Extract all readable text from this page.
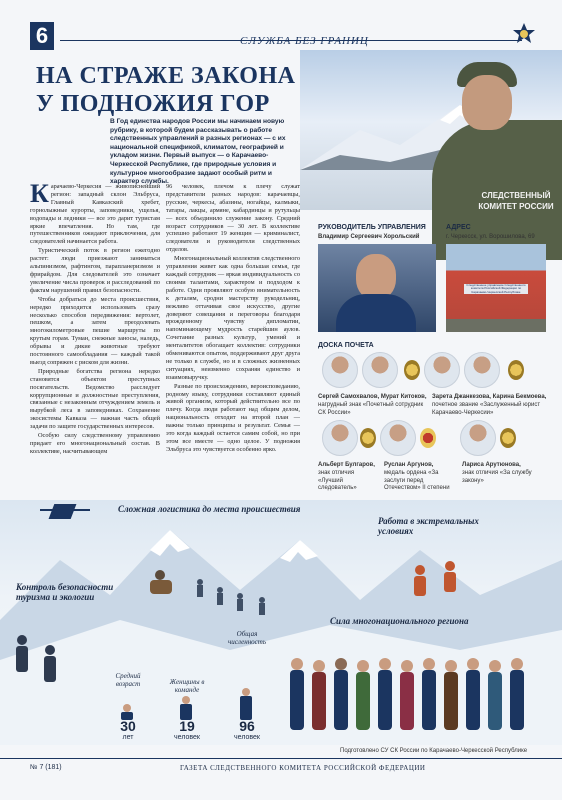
6	СЛУЖБА БЕЗ ГРАНИЦ
СЛЕДСТВЕННЫЙ КОМИТЕТ РОССИИ
НА СТРАЖЕ ЗАКОНА
У ПОДНОЖИЯ ГОР
В Год единства народов России мы начинаем новую рубрику, в которой будем рассказывать о работе следственных управлений в разных регионах — с их национальной спецификой, климатом, географией и укладом жизни. Первый выпуск — о Карачаево-Черкесской Республике, где природные условия и культурное многообразие задают особый ритм и характер службы.

Карачаево-Черкесия — живописнейший регион: западный склон Эльбруса, Главный Кавказский хребет, горнолыжные курорты, заповедники, ущелья, водопады и ледники — все это дарит туристам яркие впечатления. Но там, где путешественников ожидают приключения, для следователей начинается работа.

Туристический поток в регион ежегодно растет: люди приезжают заниматься альпинизмом, рафтингом, парапланеризмом и фрирайдом. Для следователей это означает увеличение числа проверок и расследований по фактам нарушений правил безопасности.

Чтобы добраться до места происшествия, нередко приходится использовать сразу несколько способов передвижения: вертолет, пешком, а затем преодолевать многокилометровые пешие маршруты по крутым горам. Туман, снежные заносы, наледь, обрывы и дикие животные требуют постоянного самообладания — каждый такой выезд сопряжен с риском для жизни.

Природные богатства региона нередко становятся объектом преступных посягательств. Ведомство расследует коррупционные и должностные преступления, связанные с незаконным отчуждением земель и вырубкой леса в заповедниках. Сохранение экосистемы Кавказа — важная часть общей задачи по защите государственных интересов.

Особую силу следственному управлению придает его многонациональный состав. В коллективе, насчитывающем

96 человек, плечом к плечу служат представители разных народов: карачаевцы, русские, черкесы, абазины, ногайцы, калмыки, татары, лакцы, армяне, кабардинцы и рутульцы — всех объединило служение закону. Средний возраст сотрудников — 30 лет. В коллективе успешно работают 19 женщин — криминалист, следователи и руководители следственных отделов.

Многонациональный коллектив следственного управления живет как одна большая семья, где каждый сотрудник — яркая индивидуальность со своими талантами, характером и подходом к работе. Одни проявляют особую внимательность к деталям, сродни мастерству рукодельниц, вежливо оттачивая свое искусство, другие доверяют совещания и переговоры благодаря врожденному чувству дипломатии, напоминающему мудрость старейшин аулов. Сочетание разных культур, умений и менталитетов обогащает коллектив: сотрудники обмениваются опытом, поддерживают друг друга не только в службе, но и в сложных жизненных ситуациях, неизменно сохраняя единство и взаимовыручку.

Разные по происхождению, вероисповеданию, родному языку, сотрудники составляют единый живой организм, который действительно все по плечу. Когда люди работают над общим делом, национальность отходит на второй план — важны только принципы и результат. Семья — это когда каждый остается самим собой, но при этом все вместе — одно целое. У подножия Эльбруса это чувствуется особенно ярко.

РУКОВОДИТЕЛЬ УПРАВЛЕНИЯ
Владимир Сергеевич Хорольский
АДРЕС
г. Черкесск, ул. Ворошилова, 69
Следственное управление Следственного комитета Российской Федерации по Карачаево-Черкесской Республике
ДОСКА ПОЧЕТА
Сергей Самохвалов, Мурат Китоков,
нагрудный знак «Почетный сотрудник СК России»
Зарета Джанкезова, Карина Бекмоева,
почетное звание «Заслуженный юрист Карачаево-Черкесии»
Альберт Булгаров,
знак отличия «Лучший следователь»
Руслан Аргунов,
медаль ордена «За заслуги перед Отечеством» II степени
Лариса Арутюнова,
знак отличия «За службу закону»
Сложная логистика до места происшествия
Работа в экстремальных условиях
Контроль безопасности туризма и экологии
Сила многонационального региона
Средний возраст
30
лет
Женщины в команде
19
человек
Общая численность
96
человек
Подготовлено СУ СК России по Карачаево-Черкесской Республике
№ 7 (181)	ГАЗЕТА СЛЕДСТВЕННОГО КОМИТЕТА РОССИЙСКОЙ ФЕДЕРАЦИИ
